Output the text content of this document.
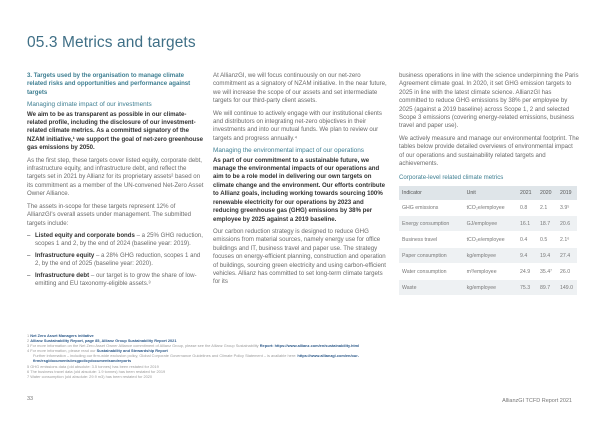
05.3 Metrics and targets

3. Targets used by the organisation to manage climate related risks and opportunities and performance against targets

Managing climate impact of our investments

We aim to be as transparent as possible in our climate-related profile, including the disclosure of our investment-related climate metrics. As a committed signatory of the NZAM initiative,¹ we support the goal of net-zero greenhouse gas emissions by 2050.

As the first step, these targets cover listed equity, corporate debt, infrastructure equity, and infrastructure debt, and reflect the targets set in 2021 by Allianz for its proprietary assets² based on its commitment as a member of the UN-convened Net-Zero Asset Owner Alliance.

The assets in-scope for these targets represent 12% of AllianzGI's overall assets under management. The submitted targets include:

– Listed equity and corporate bonds – a 25% GHG reduction, scopes 1 and 2, by the end of 2024 (baseline year: 2019).
– Infrastructure equity – a 28% GHG reduction, scopes 1 and 2, by the end of 2025 (baseline year: 2020).
– Infrastructure debt – our target is to grow the share of low-emitting and EU taxonomy-eligible assets.³

At AllianzGI, we will focus continuously on our net-zero commitment as a signatory of NZAM initiative. In the near future, we will increase the scope of our assets and set intermediate targets for our third-party client assets.

We will continue to actively engage with our institutional clients and distributors on integrating net-zero objectives in their investments and into our mutual funds. We plan to review our targets and progress annually.⁴

Managing the environmental impact of our operations

As part of our commitment to a sustainable future, we manage the environmental impacts of our operations and aim to be a role model in delivering our own targets on climate change and the environment. Our efforts contribute to Allianz goals, including working towards sourcing 100% renewable electricity for our operations by 2023 and reducing greenhouse gas (GHG) emissions by 38% per employee by 2025 against a 2019 baseline.

Our carbon reduction strategy is designed to reduce GHG emissions from material sources, namely energy use for office buildings and IT, business travel and paper use. The strategy focuses on energy-efficient planning, construction and operation of buildings, sourcing green electricity and using carbon-efficient vehicles. Allianz has committed to set long-term climate targets for its

business operations in line with the science underpinning the Paris Agreement climate goal. In 2020, it set GHG emission targets to 2025 in line with the latest climate science. AllianzGI has committed to reduce GHG emissions by 38% per employee by 2025 (against a 2019 baseline) across Scope 1, 2 and selected Scope 3 emissions (covering energy-related emissions, business travel and paper use).

We actively measure and manage our environmental footprint. The tables below provide detailed overviews of environmental impact of our operations and sustainability related targets and achievements.

Corporate-level related climate metrics

Indicator	Unit	2021	2020	2019
GHG emissions	tCO₂e/employee	0.8	2.1	3.9⁵
Energy consumption	GJ/employee	16.1	18.7	20.6
Business travel	tCO₂e/employee	0.4	0.5	2.1⁶
Paper consumption	kg/employee	9.4	19.4	27.4
Water consumption	m³/employee	24.9	35.4⁷	26.0
Waste	kg/employee	75.3	89.7	149.0
1 Net Zero Asset Managers initiative
2 Allianz Sustainability Report, page 85, Allianz Group Sustainability Report 2021
3 For more information on the Net Zero Asset Owner Alliance commitment of Allianz Group, please see the Allianz Group Sustainability Report: https://www.allianz.com/en/sustainability.html
4 For more information, please read our Sustainability and Stewardship Report
Further information – including our firm-wide exclusion policy, Global Corporate Governance Guidelines and Climate Policy Statement – is available here: https://www.allianzgi.com/en/our-firm/esg/documents#esgpolicydocumentsandreports
5 GHG emissions data (old absolute: 3.5 tonnes) has been restated for 2019
6 The business travel data (old absolute: 1.9 tonnes) has been restated for 2019
7 Water consumption (old absolute: 29.9 m3) has been restated for 2020
33	AllianzGI TCFD Report 2021
